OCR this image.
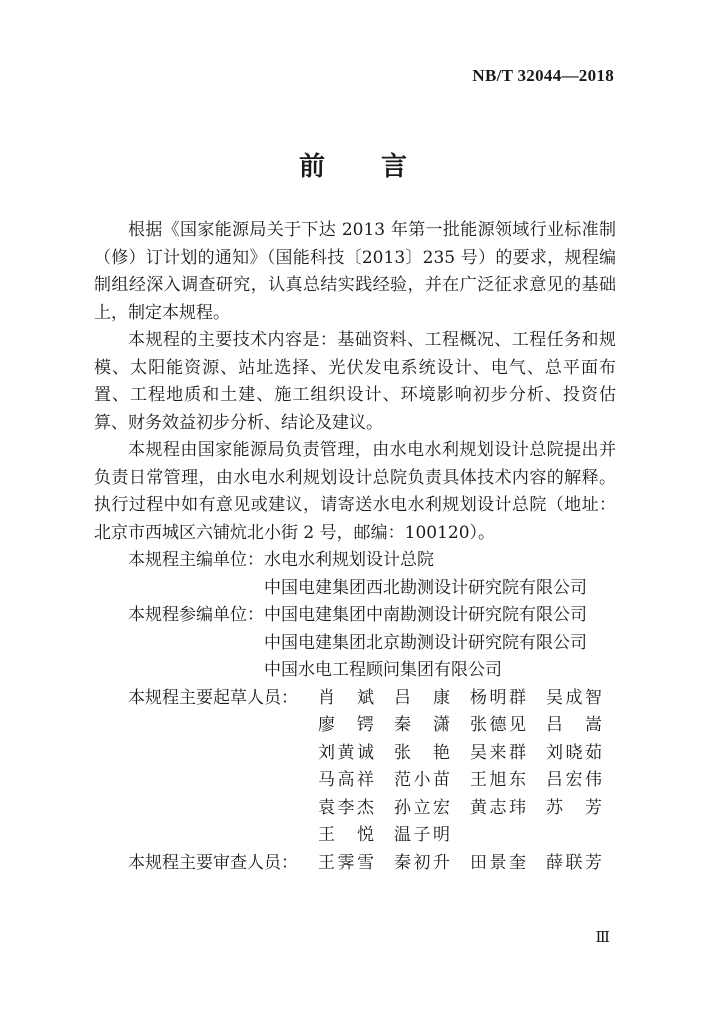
NB/T 32044—2018
前言

根据《国家能源局关于下达 2013 年第一批能源领域行业标准制（修）订计划的通知》（国能科技〔2013〕235 号）的要求，规程编制组经深入调查研究，认真总结实践经验，并在广泛征求意见的基础上，制定本规程。

本规程的主要技术内容是：基础资料、工程概况、工程任务和规模、太阳能资源、站址选择、光伏发电系统设计、电气、总平面布置、工程地质和土建、施工组织设计、环境影响初步分析、投资估算、财务效益初步分析、结论及建议。

本规程由国家能源局负责管理，由水电水利规划设计总院提出并负责日常管理，由水电水利规划设计总院负责具体技术内容的解释。执行过程中如有意见或建议，请寄送水电水利规划设计总院（地址：北京市西城区六铺炕北小街 2 号，邮编：100120）。

本规程主编单位： 水电水利规划设计总院
中国电建集团西北勘测设计研究院有限公司
本规程参编单位： 中国电建集团中南勘测设计研究院有限公司
中国电建集团北京勘测设计研究院有限公司
中国水电工程顾问集团有限公司
本规程主要起草人员：	肖斌 吕康 杨明群 吴成智
廖锷 秦潇 张德见 吕嵩
刘黄诚 张艳 吴来群 刘晓茹
马高祥 范小苗 王旭东 吕宏伟
袁李杰 孙立宏 黄志玮 苏芳
王悦 温子明
本规程主要审查人员：	王霁雪 秦初升 田景奎 薛联芳
Ⅲ
